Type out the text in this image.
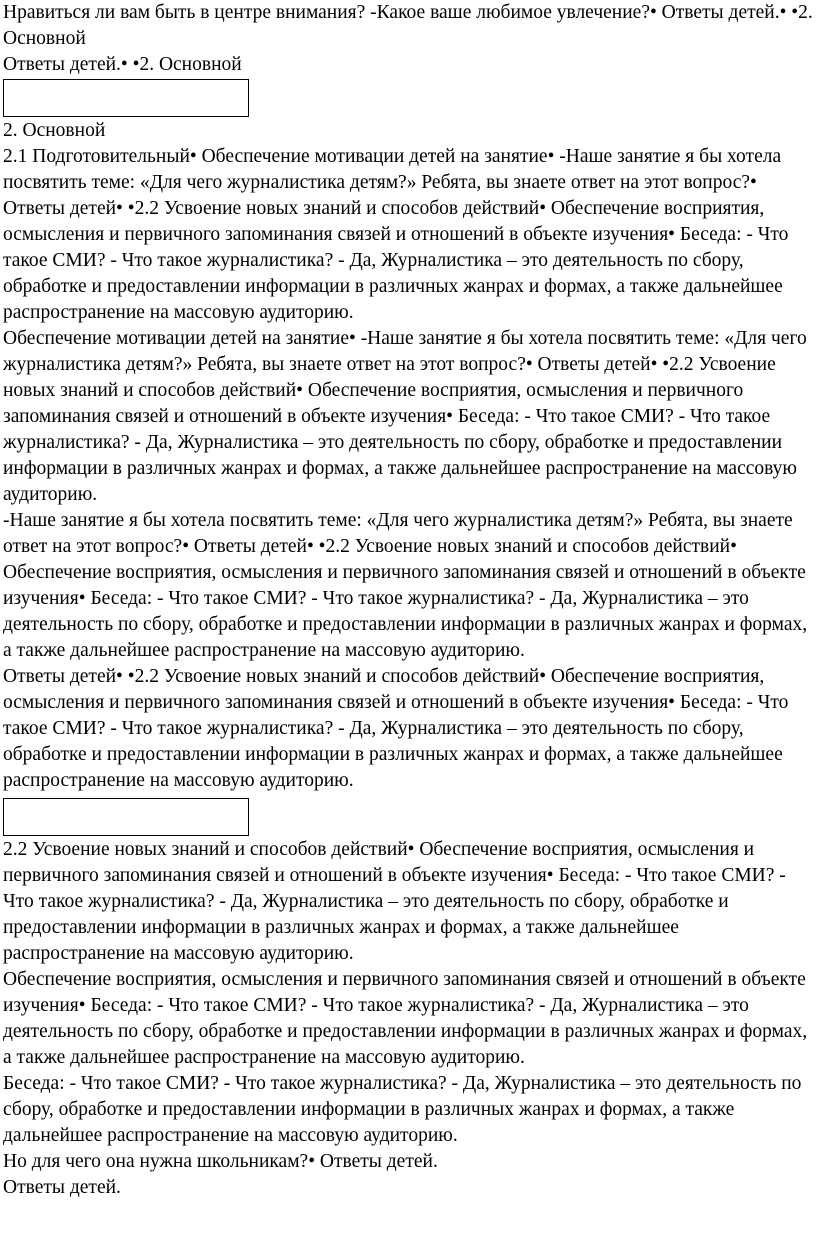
Нравиться ли вам быть в центре внимания? -Какое ваше любимое увлечение?• Ответы детей.• •2. Основной

Ответы детей.• •2. Основной

2. Основной

2.1 Подготовительный• Обеспечение мотивации детей на занятие• -Наше занятие я бы хотела посвятить теме: «Для чего журналистика детям?» Ребята, вы знаете ответ на этот вопрос?• Ответы детей• •2.2 Усвоение новых знаний и способов действий• Обеспечение восприятия, осмысления и первичного запоминания связей и отношений в объекте изучения• Беседа: - Что такое СМИ? - Что такое журналистика? - Да, Журналистика – это деятельность по сбору, обработке и предоставлении информации в различных жанрах и формах, а также дальнейшее распространение на массовую аудиторию.

Обеспечение мотивации детей на занятие• -Наше занятие я бы хотела посвятить теме: «Для чего журналистика детям?» Ребята, вы знаете ответ на этот вопрос?• Ответы детей• •2.2 Усвоение новых знаний и способов действий• Обеспечение восприятия, осмысления и первичного запоминания связей и отношений в объекте изучения• Беседа: - Что такое СМИ? - Что такое журналистика? - Да, Журналистика – это деятельность по сбору, обработке и предоставлении информации в различных жанрах и формах, а также дальнейшее распространение на массовую аудиторию.

-Наше занятие я бы хотела посвятить теме: «Для чего журналистика детям?» Ребята, вы знаете ответ на этот вопрос?• Ответы детей• •2.2 Усвоение новых знаний и способов действий• Обеспечение восприятия, осмысления и первичного запоминания связей и отношений в объекте изучения• Беседа: - Что такое СМИ? - Что такое журналистика? - Да, Журналистика – это деятельность по сбору, обработке и предоставлении информации в различных жанрах и формах, а также дальнейшее распространение на массовую аудиторию.

Ответы детей• •2.2 Усвоение новых знаний и способов действий• Обеспечение восприятия, осмысления и первичного запоминания связей и отношений в объекте изучения• Беседа: - Что такое СМИ? - Что такое журналистика? - Да, Журналистика – это деятельность по сбору, обработке и предоставлении информации в различных жанрах и формах, а также дальнейшее распространение на массовую аудиторию.

2.2 Усвоение новых знаний и способов действий• Обеспечение восприятия, осмысления и первичного запоминания связей и отношений в объекте изучения• Беседа: - Что такое СМИ? - Что такое журналистика? - Да, Журналистика – это деятельность по сбору, обработке и предоставлении информации в различных жанрах и формах, а также дальнейшее распространение на массовую аудиторию.

Обеспечение восприятия, осмысления и первичного запоминания связей и отношений в объекте изучения• Беседа: - Что такое СМИ? - Что такое журналистика? - Да, Журналистика – это деятельность по сбору, обработке и предоставлении информации в различных жанрах и формах, а также дальнейшее распространение на массовую аудиторию.

Беседа: - Что такое СМИ? - Что такое журналистика? - Да, Журналистика – это деятельность по сбору, обработке и предоставлении информации в различных жанрах и формах, а также дальнейшее распространение на массовую аудиторию.

Но для чего она нужна школьникам?• Ответы детей.

Ответы детей.
